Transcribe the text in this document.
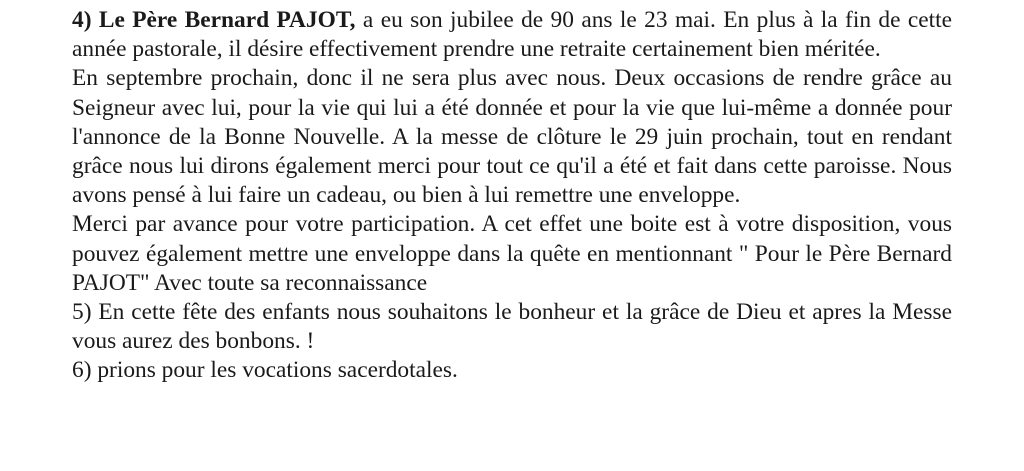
4) Le Père Bernard PAJOT, a eu son jubilee de 90 ans le 23 mai. En plus à la fin de cette année pastorale, il désire effectivement prendre une retraite certainement bien méritée.

En septembre prochain, donc il ne sera plus avec nous. Deux occasions de rendre grâce au Seigneur avec lui, pour la vie qui lui a été donnée et pour la vie que lui-même a donnée pour l'annonce de la Bonne Nouvelle. A la messe de clôture le 29 juin prochain, tout en rendant grâce nous lui dirons également merci pour tout ce qu'il a été et fait dans cette paroisse. Nous avons pensé à lui faire un cadeau, ou bien à lui remettre une enveloppe.

Merci par avance pour votre participation. A cet effet une boite est à votre disposition, vous pouvez également mettre une enveloppe dans la quête en mentionnant " Pour le Père Bernard PAJOT" Avec toute sa reconnaissance

5) En cette fête des enfants nous souhaitons le bonheur et la grâce de Dieu et apres la Messe vous aurez des bonbons. !

6) prions pour les vocations sacerdotales.
